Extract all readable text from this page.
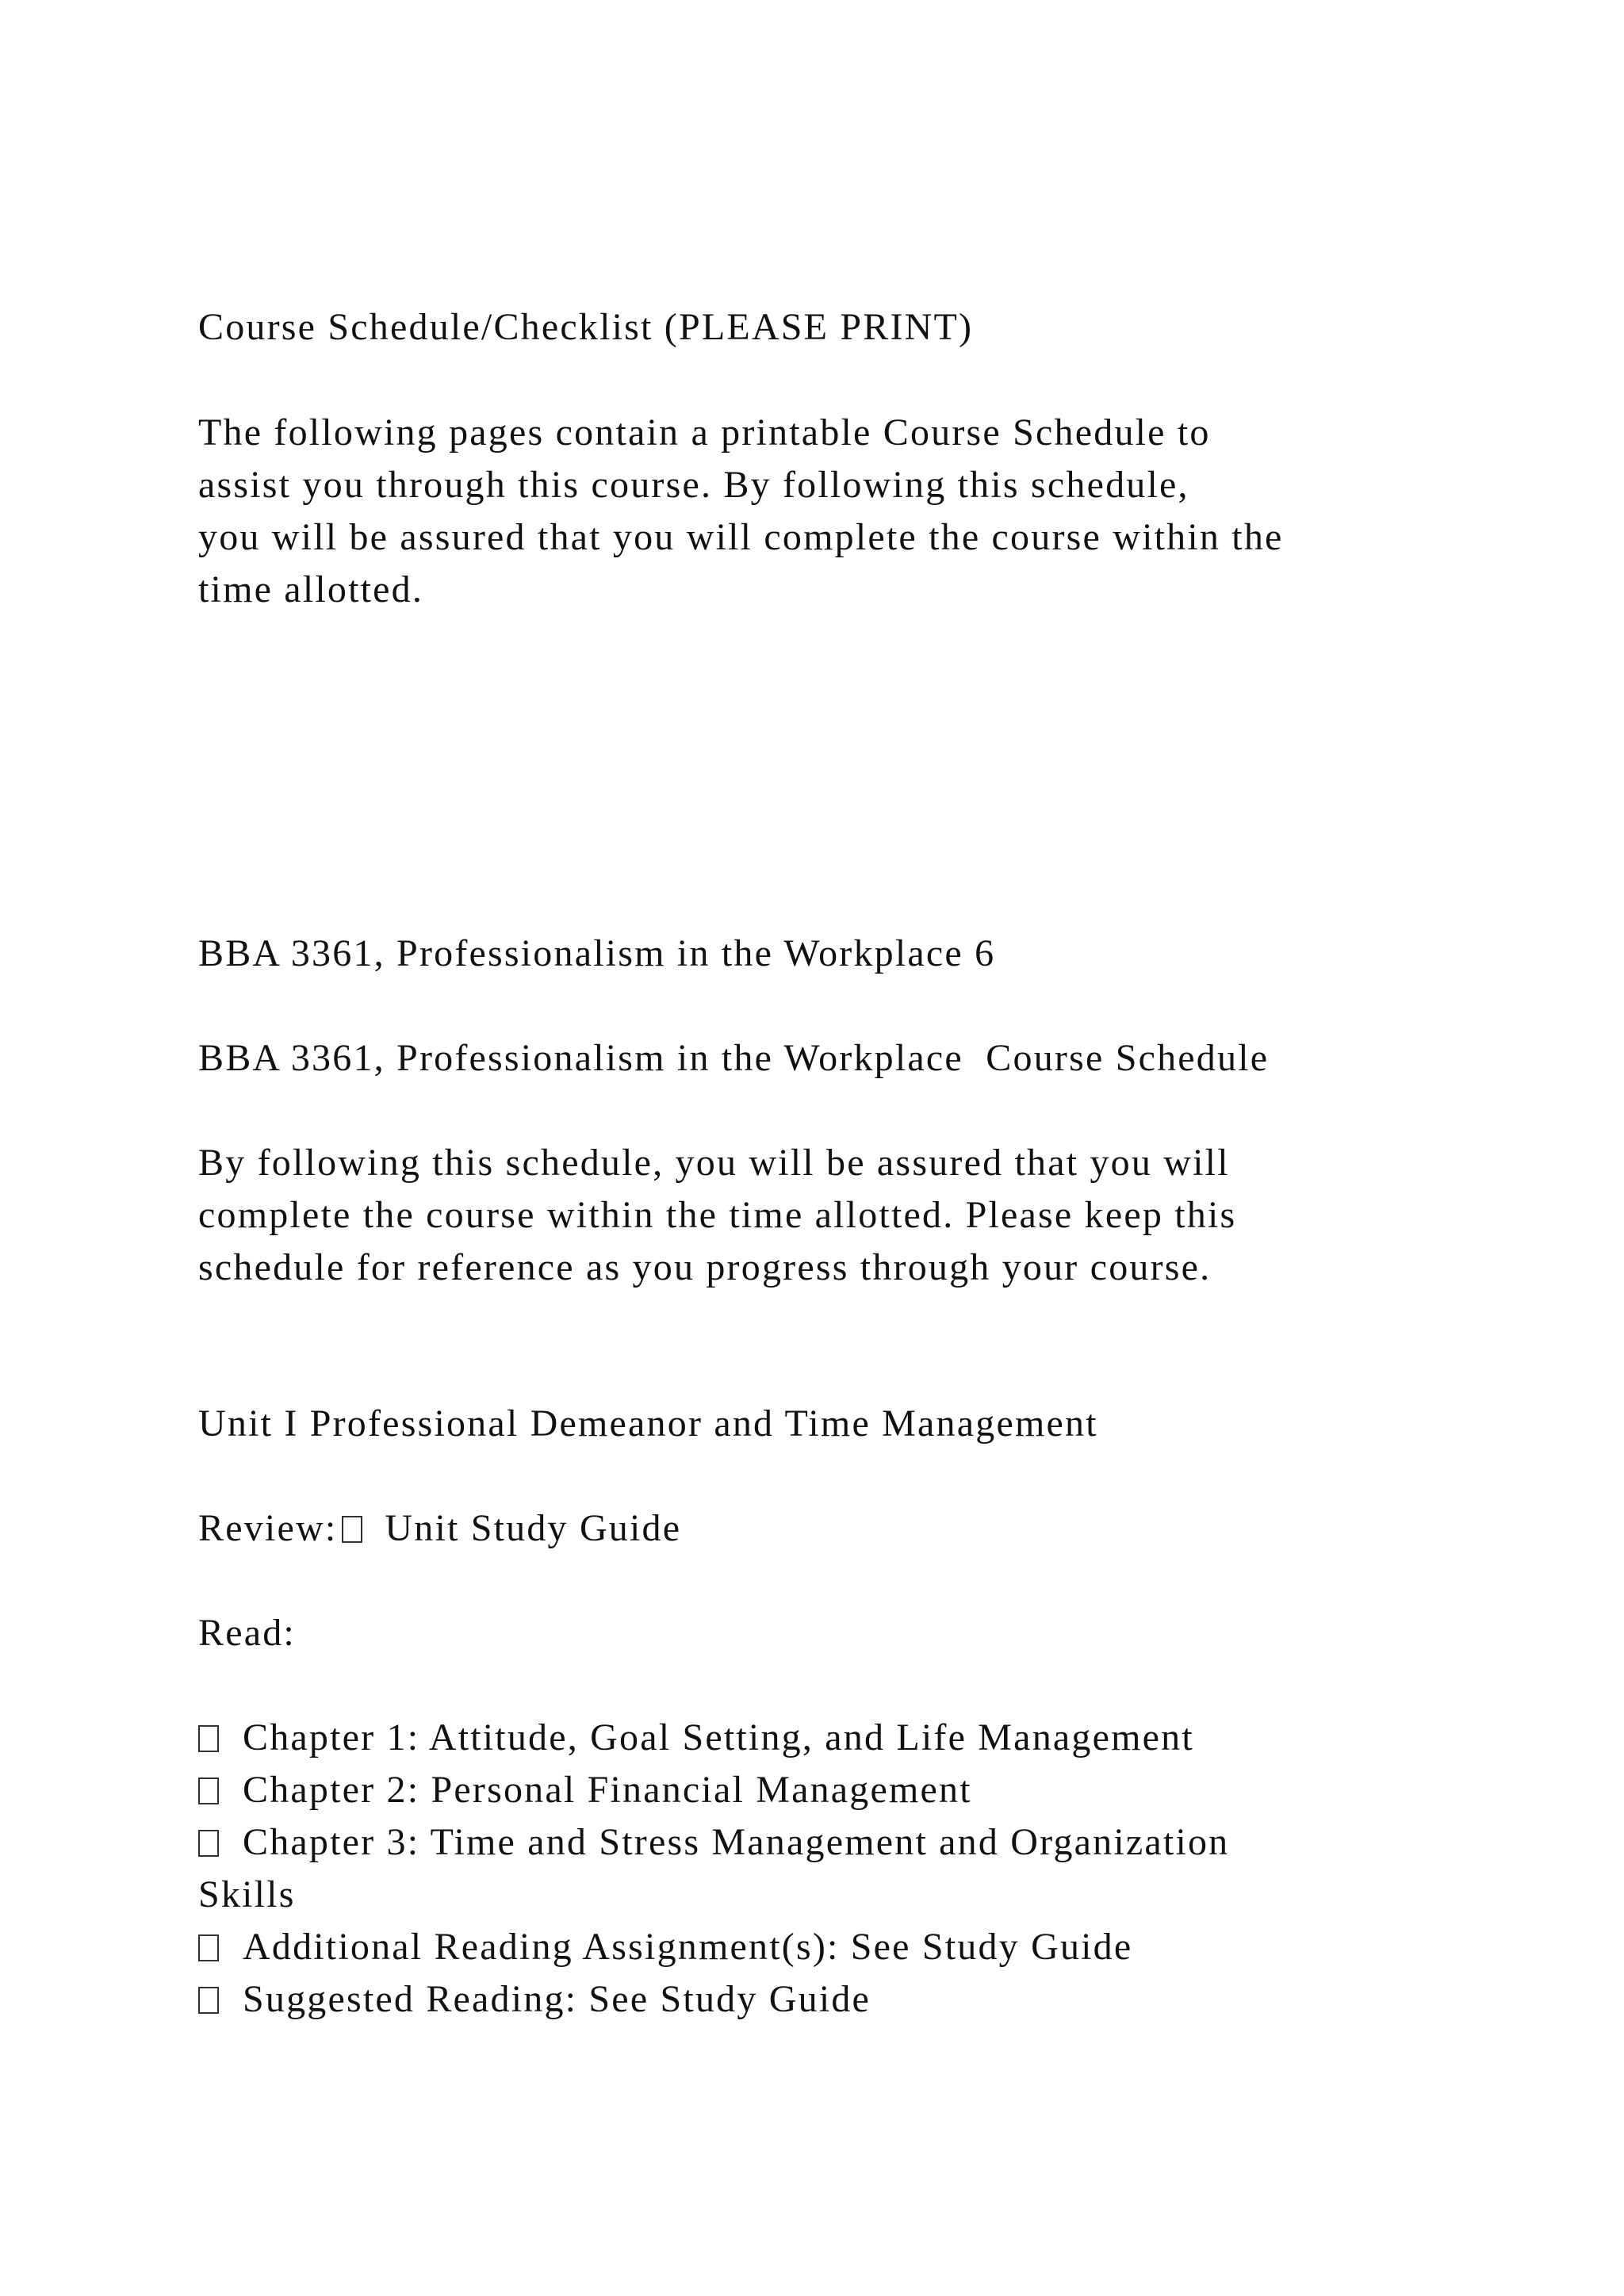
Course Schedule/Checklist (PLEASE PRINT)

The following pages contain a printable Course Schedule to

assist you through this course. By following this schedule,

you will be assured that you will complete the course within the

time allotted.

BBA 3361, Professionalism in the Workplace 6

BBA 3361, Professionalism in the Workplace  Course Schedule

By following this schedule, you will be assured that you will

complete the course within the time allotted. Please keep this

schedule for reference as you progress through your course.

Unit I Professional Demeanor and Time Management

Review: Unit Study Guide

Read:

Chapter 1: Attitude, Goal Setting, and Life Management

Chapter 2: Personal Financial Management

Chapter 3: Time and Stress Management and Organization

Skills

Additional Reading Assignment(s): See Study Guide

Suggested Reading: See Study Guide
